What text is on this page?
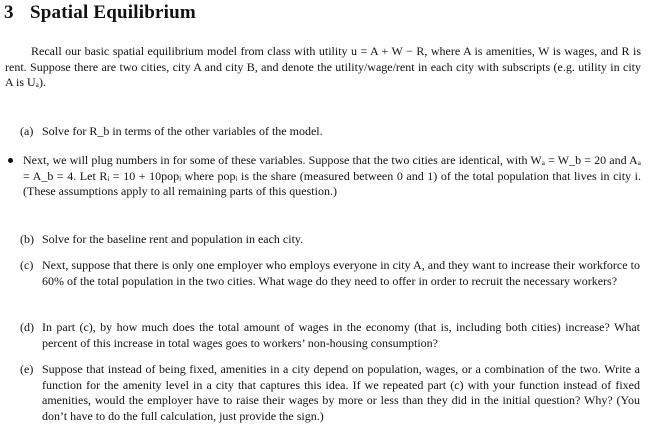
3 Spatial Equilibrium
Recall our basic spatial equilibrium model from class with utility u = A + W − R, where A is amenities, W is wages, and R is rent. Suppose there are two cities, city A and city B, and denote the utility/wage/rent in each city with subscripts (e.g. utility in city A is Uₐ).
(a) Solve for R_b in terms of the other variables of the model.
Next, we will plug numbers in for some of these variables. Suppose that the two cities are identical, with Wₐ = W_b = 20 and Aₐ = A_b = 4. Let Rᵢ = 10 + 10popᵢ where popᵢ is the share (measured between 0 and 1) of the total population that lives in city i. (These assumptions apply to all remaining parts of this question.)
(b) Solve for the baseline rent and population in each city.
(c) Next, suppose that there is only one employer who employs everyone in city A, and they want to increase their workforce to 60% of the total population in the two cities. What wage do they need to offer in order to recruit the necessary workers?
(d) In part (c), by how much does the total amount of wages in the economy (that is, including both cities) increase? What percent of this increase in total wages goes to workers’ non-housing consumption?
(e) Suppose that instead of being fixed, amenities in a city depend on population, wages, or a combination of the two. Write a function for the amenity level in a city that captures this idea. If we repeated part (c) with your function instead of fixed amenities, would the employer have to raise their wages by more or less than they did in the initial question? Why? (You don’t have to do the full calculation, just provide the sign.)
